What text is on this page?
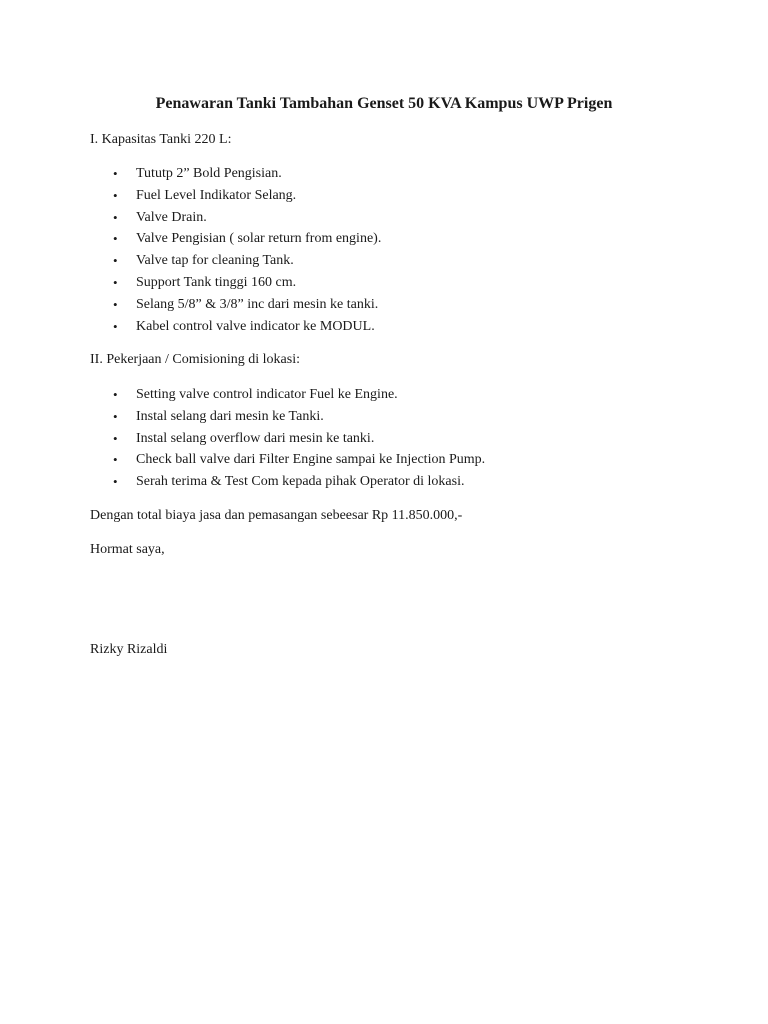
Penawaran Tanki Tambahan Genset 50 KVA Kampus UWP Prigen

I. Kapasitas Tanki 220 L:

• Tututp 2” Bold Pengisian.
• Fuel Level Indikator Selang.
• Valve Drain.
• Valve Pengisian ( solar return from engine).
• Valve tap for cleaning Tank.
• Support Tank tinggi 160 cm.
• Selang 5/8” & 3/8” inc dari mesin ke tanki.
• Kabel control valve indicator ke MODUL.

II. Pekerjaan / Comisioning di lokasi:

• Setting valve control indicator Fuel ke Engine.
• Instal selang dari mesin ke Tanki.
• Instal selang overflow dari mesin ke tanki.
• Check ball valve dari Filter Engine sampai ke Injection Pump.
• Serah terima & Test Com kepada pihak Operator di lokasi.

Dengan total biaya jasa dan pemasangan sebeesar Rp 11.850.000,-

Hormat saya,

Rizky Rizaldi
